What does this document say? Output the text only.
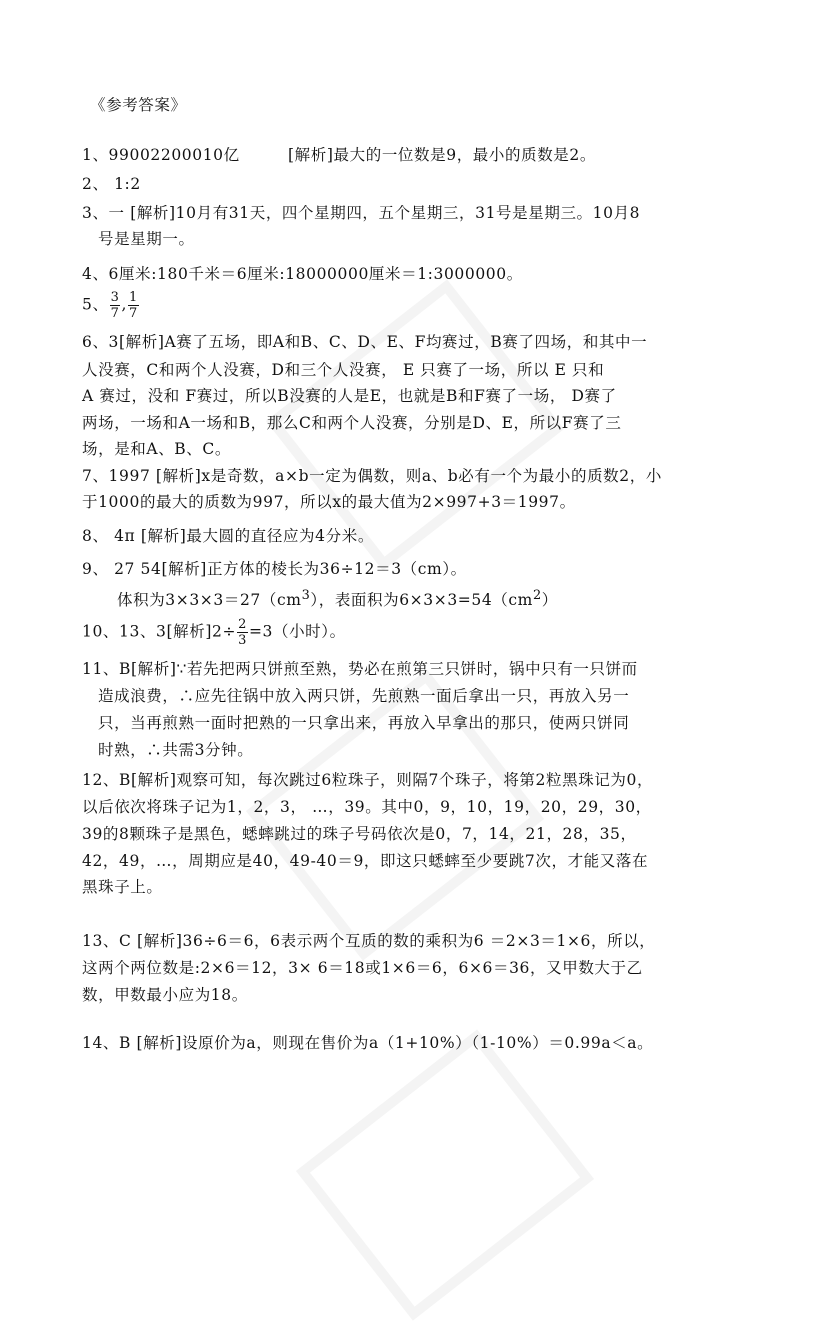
《参考答案》
1、99002200010亿　　　[解析]最大的一位数是9，最小的质数是2。
2、 1:2
3、一 [解析]10月有31天，四个星期四，五个星期三，31号是星期三。10月8
号是星期一。
4、6厘米:180千米＝6厘米:18000000厘米＝1:3000000。
5、 $\frac{3}{7}$ , $\frac{1}{7}$
6、3[解析]A赛了五场，即A和B、C、D、E、F均赛过，B赛了四场，和其中一
人没赛，C和两个人没赛，D和三个人没赛， E 只赛了一场，所以 E 只和
A 赛过，没和 F赛过，所以B没赛的人是E，也就是B和F赛了一场， D赛了
两场，一场和A一场和B，那么C和两个人没赛，分别是D、E，所以F赛了三
场，是和A、B、C。
7、1997 [解析]x是奇数，a×b一定为偶数，则a、b必有一个为最小的质数2，小
于1000的最大的质数为997，所以x的最大值为2×997+3＝1997。
8、 4π [解析]最大圆的直径应为4分米。
9、 27 54[解析]正方体的棱长为36÷12＝3（cm）。
体积为$3\times 3\times 3=27(cm^3)$，表面积为$6\times 3\times 3=54(cm^2)$
10、13、3[解析]$2\div \frac{2}{3} =3$（小时）。
11、B[解析]∵若先把两只饼煎至熟，势必在煎第三只饼时，锅中只有一只饼而
造成浪费，∴应先往锅中放入两只饼，先煎熟一面后拿出一只，再放入另一
只，当再煎熟一面时把熟的一只拿出来，再放入早拿出的那只，使两只饼同
时熟，∴共需3分钟。
12、B[解析]观察可知，每次跳过6粒珠子，则隔7个珠子，将第2粒黑珠记为0，
以后依次将珠子记为1，2，3， …，39。其中0，9，10，19，20，29，30，
39的8颗珠子是黑色，蟋蟀跳过的珠子号码依次是0，7，14，21，28，35，
42，49，…，周期应是40，49-40＝9，即这只蟋蟀至少要跳7次，才能又落在
黑珠子上。
13、C [解析]36÷6＝6，6表示两个互质的数的乘积为6 ＝2×3＝1×6，所以，
这两个两位数是:2×6＝12，3× 6＝18或1×6＝6，6×6＝36，又甲数大于乙
数，甲数最小应为18。
14、B [解析]设原价为a，则现在售价为a（1+10%）（1-10%）＝0.99a＜a。
